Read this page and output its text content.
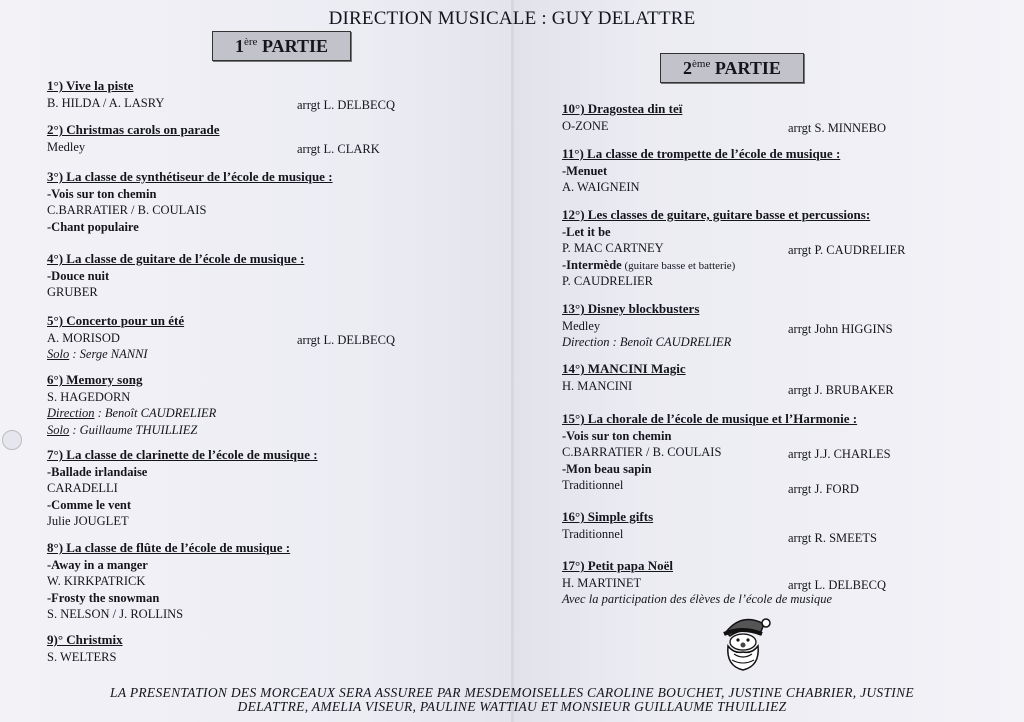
DIRECTION MUSICALE : GUY DELATTRE
1ère PARTIE
2ème PARTIE
1°) Vive la piste
B. HILDA / A. LASRY	arrgt L. DELBECQ
2°) Christmas carols on parade
Medley	arrgt L. CLARK
3°) La classe de synthétiseur de l’école de musique :
-Vois sur ton chemin
C.BARRATIER / B. COULAIS
-Chant populaire
4°) La classe de guitare de l’école de musique :
-Douce nuit
GRUBER
5°) Concerto pour un été
A. MORISOD	arrgt L. DELBECQ
Solo : Serge NANNI
6°) Memory song
S. HAGEDORN
Direction : Benoît CAUDRELIER
Solo : Guillaume THUILLIEZ
7°) La classe de clarinette de l’école de musique :
-Ballade irlandaise
CARADELLI
-Comme le vent
Julie JOUGLET
8°) La classe de flûte de l’école de musique :
-Away in a manger
W. KIRKPATRICK
-Frosty the snowman
S. NELSON / J. ROLLINS
9)° Christmix
S. WELTERS
10°) Dragostea din teï
O-ZONE	arrgt S. MINNEBO
11°) La classe de trompette de l’école de musique :
-Menuet
A. WAIGNEIN
12°) Les classes de guitare, guitare basse et percussions:
-Let it be
P. MAC CARTNEY	arrgt P. CAUDRELIER
-Intermède (guitare basse et batterie)
P. CAUDRELIER
13°) Disney blockbusters
Medley	arrgt John HIGGINS
Direction : Benoît CAUDRELIER
14°) MANCINI Magic
H. MANCINI	arrgt J. BRUBAKER
15°) La chorale de l’école de musique et l’Harmonie :
-Vois sur ton chemin
C.BARRATIER / B. COULAIS	arrgt J.J. CHARLES
-Mon beau sapin
Traditionnel	arrgt J. FORD
16°) Simple gifts
Traditionnel	arrgt R. SMEETS
17°) Petit papa Noël
H. MARTINET	arrgt L. DELBECQ
Avec la participation des élèves de l’école de musique
LA PRESENTATION DES MORCEAUX SERA ASSUREE PAR MESDEMOISELLES CAROLINE BOUCHET, JUSTINE CHABRIER, JUSTINE
DELATTRE, AMELIA VISEUR, PAULINE WATTIAU ET MONSIEUR GUILLAUME THUILLIEZ
